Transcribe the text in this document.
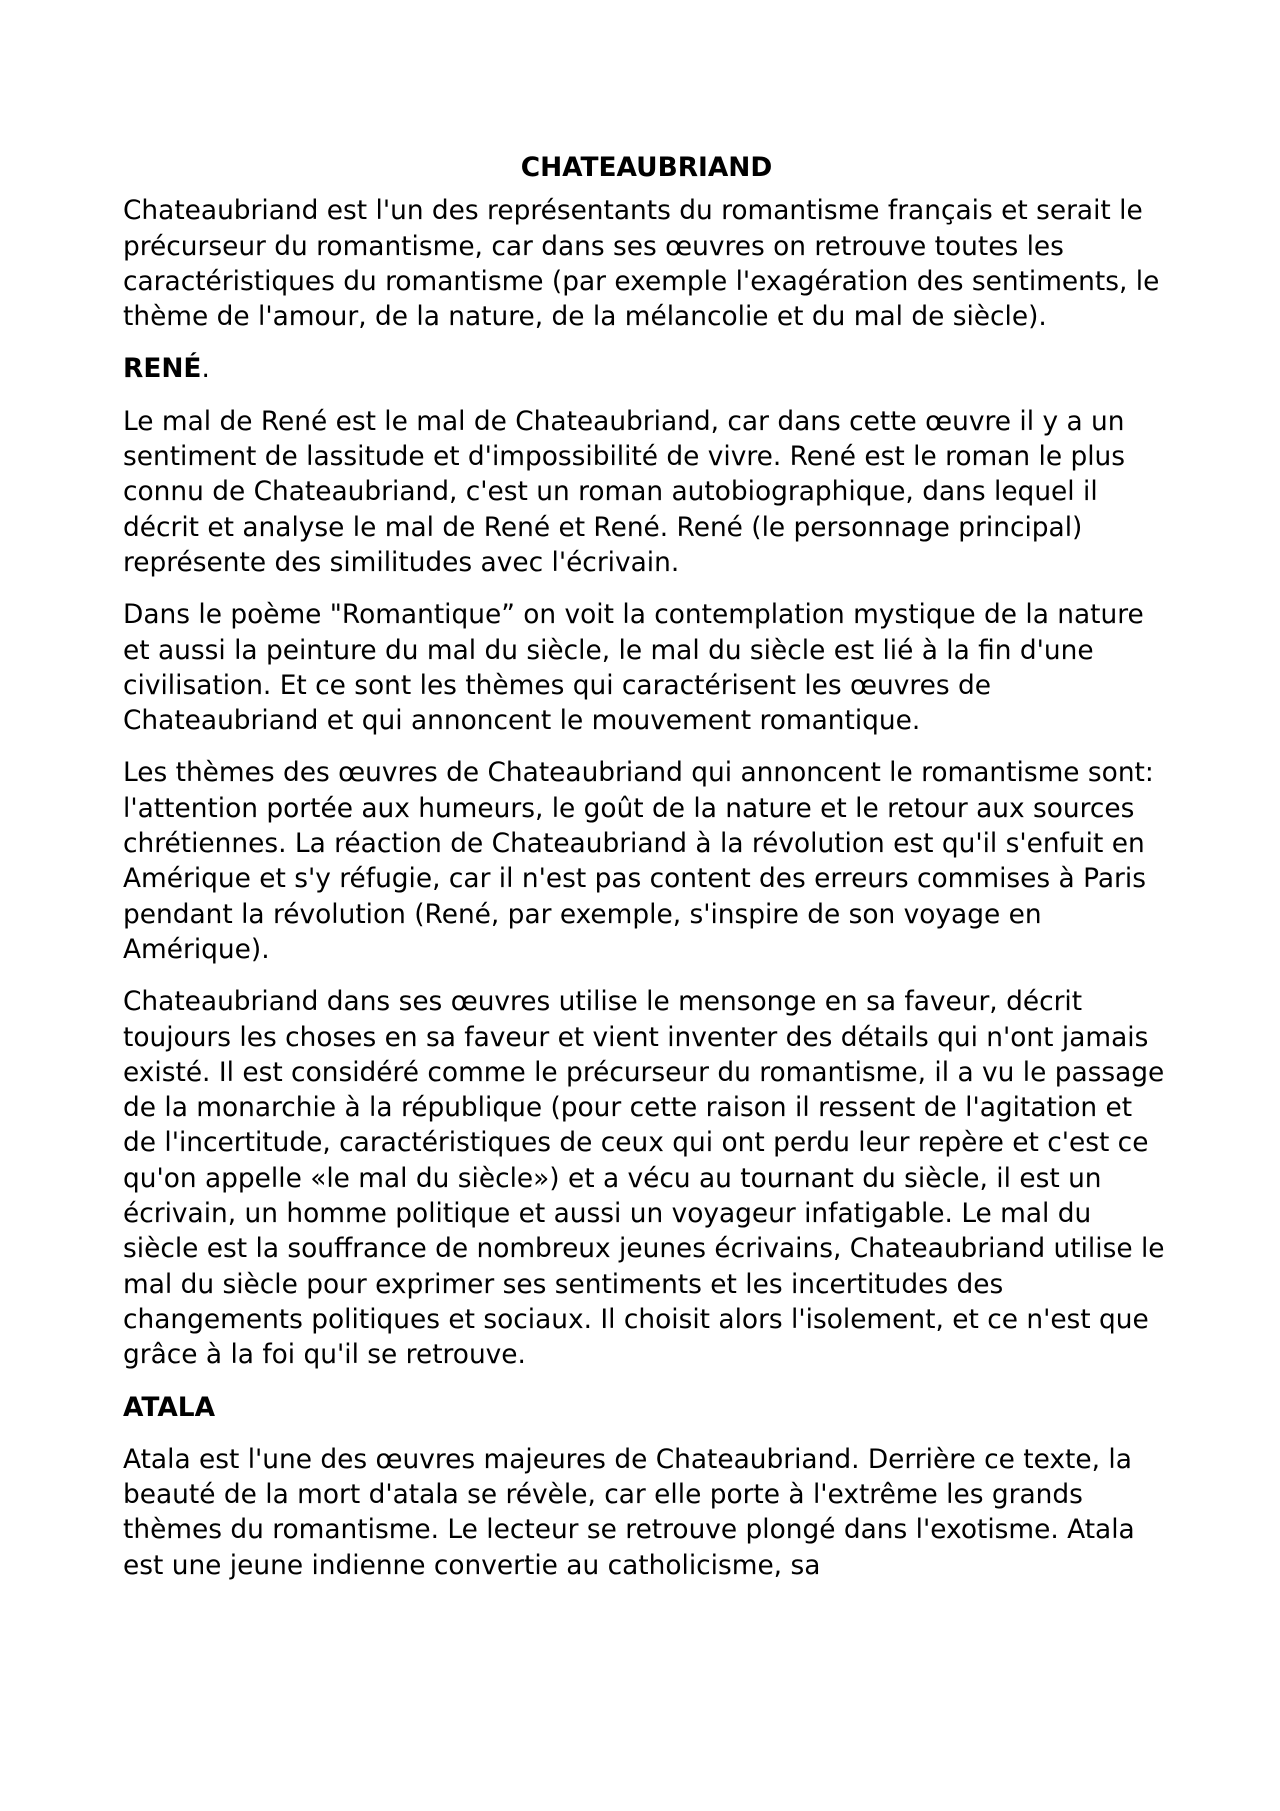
CHATEAUBRIAND

Chateaubriand est l'un des représentants du romantisme français et serait le précurseur du romantisme, car dans ses œuvres on retrouve toutes les caractéristiques du romantisme (par exemple l'exagération des sentiments, le thème de l'amour, de la nature, de la mélancolie et du mal de siècle).

RENÉ.

Le mal de René est le mal de Chateaubriand, car dans cette œuvre il y a un sentiment de lassitude et d'impossibilité de vivre. René est le roman le plus connu de Chateaubriand, c'est un roman autobiographique, dans lequel il décrit et analyse le mal de René et René. René (le personnage principal) représente des similitudes avec l'écrivain.

Dans le poème "Romantique” on voit la contemplation mystique de la nature et aussi la peinture du mal du siècle, le mal du siècle est lié à la fin d'une civilisation. Et ce sont les thèmes qui caractérisent les œuvres de Chateaubriand et qui annoncent le mouvement romantique.

Les thèmes des œuvres de Chateaubriand qui annoncent le romantisme sont: l'attention portée aux humeurs, le goût de la nature et le retour aux sources chrétiennes. La réaction de Chateaubriand à la révolution est qu'il s'enfuit en Amérique et s'y réfugie, car il n'est pas content des erreurs commises à Paris pendant la révolution (René, par exemple, s'inspire de son voyage en Amérique).

Chateaubriand dans ses œuvres utilise le mensonge en sa faveur, décrit toujours les choses en sa faveur et vient inventer des détails qui n'ont jamais existé. Il est considéré comme le précurseur du romantisme, il a vu le passage de la monarchie à la république (pour cette raison il ressent de l'agitation et de l'incertitude, caractéristiques de ceux qui ont perdu leur repère et c'est ce qu'on appelle «le mal du siècle») et a vécu au tournant du siècle, il est un écrivain, un homme politique et aussi un voyageur infatigable. Le mal du siècle est la souffrance de nombreux jeunes écrivains, Chateaubriand utilise le mal du siècle pour exprimer ses sentiments et les incertitudes des changements politiques et sociaux. Il choisit alors l'isolement, et ce n'est que grâce à la foi qu'il se retrouve.

ATALA

Atala est l'une des œuvres majeures de Chateaubriand. Derrière ce texte, la beauté de la mort d'atala se révèle, car elle porte à l'extrême les grands thèmes du romantisme. Le lecteur se retrouve plongé dans l'exotisme. Atala est une jeune indienne convertie au catholicisme, sa
